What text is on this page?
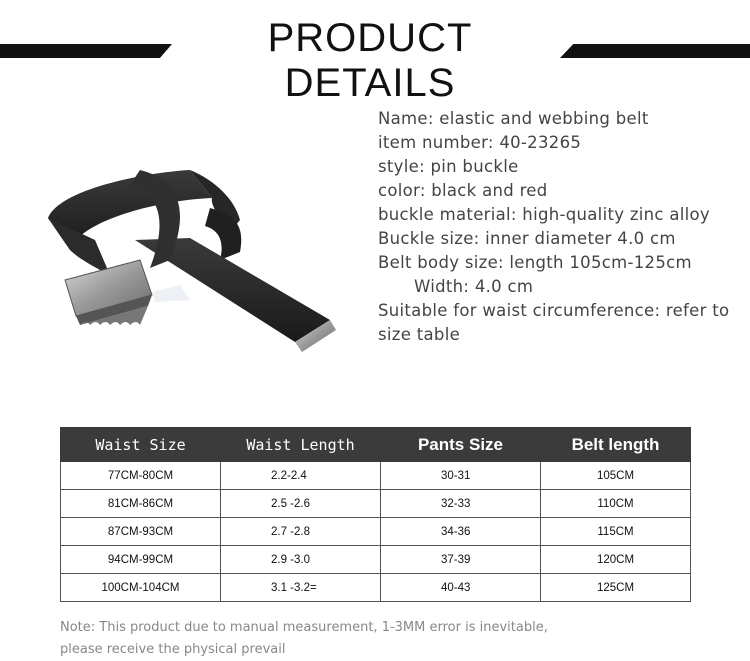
PRODUCT DETAILS
Name: elastic and webbing belt
item number: 40-23265
style: pin buckle
color: black and red
buckle material: high-quality zinc alloy
Buckle size: inner diameter 4.0 cm
Belt body size: length 105cm-125cm
Width: 4.0 cm
Suitable for waist circumference: refer to
size table
Waist Size	Waist Length	Pants Size	Belt length
77CM-80CM	2.2-2.4	30-31	105CM
81CM-86CM	2.5 -2.6	32-33	110CM
87CM-93CM	2.7 -2.8	34-36	115CM
94CM-99CM	2.9 -3.0	37-39	120CM
100CM-104CM	3.1 -3.2=	40-43	125CM
Note: This product due to manual measurement, 1-3MM error is inevitable,
please receive the physical prevail
